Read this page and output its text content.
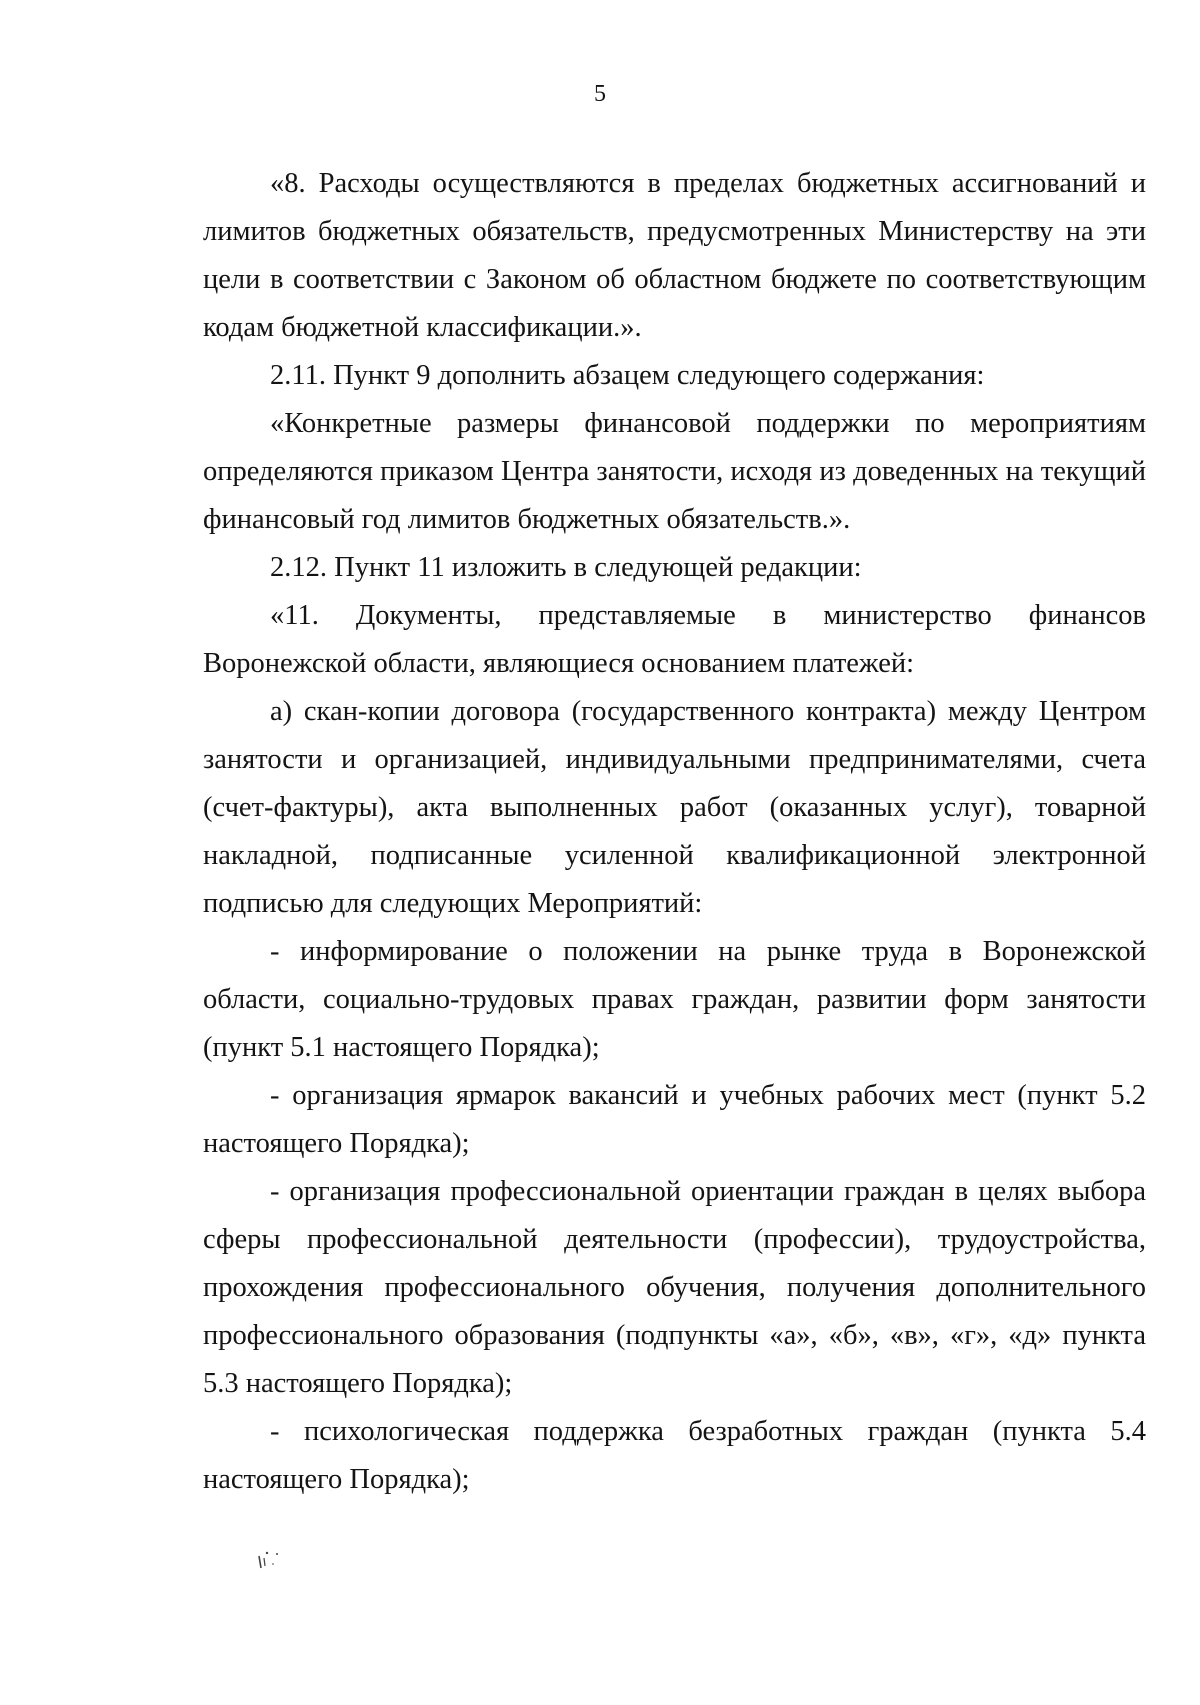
5

«8. Расходы осуществляются в пределах бюджетных ассигнований и лимитов бюджетных обязательств, предусмотренных Министерству на эти цели в соответствии с Законом об областном бюджете по соответствующим кодам бюджетной классификации.».

2.11. Пункт 9 дополнить абзацем следующего содержания:

«Конкретные размеры финансовой поддержки по мероприятиям определяются приказом Центра занятости, исходя из доведенных на текущий финансовый год лимитов бюджетных обязательств.».

2.12. Пункт 11 изложить в следующей редакции:

«11. Документы, представляемые в министерство финансов Воронежской области, являющиеся основанием платежей:

а) скан-копии договора (государственного контракта) между Центром занятости и организацией, индивидуальными предпринимателями, счета (счет-фактуры), акта выполненных работ (оказанных услуг), товарной накладной, подписанные усиленной квалификационной электронной подписью для следующих Мероприятий:

- информирование о положении на рынке труда в Воронежской области, социально-трудовых правах граждан, развитии форм занятости (пункт 5.1 настоящего Порядка);

- организация ярмарок вакансий и учебных рабочих мест (пункт 5.2 настоящего Порядка);

- организация профессиональной ориентации граждан в целях выбора сферы профессиональной деятельности (профессии), трудоустройства, прохождения профессионального обучения, получения дополнительного профессионального образования (подпункты «а», «б», «в», «г», «д» пункта 5.3 настоящего Порядка);

- психологическая поддержка безработных граждан (пункта 5.4 настоящего Порядка);
